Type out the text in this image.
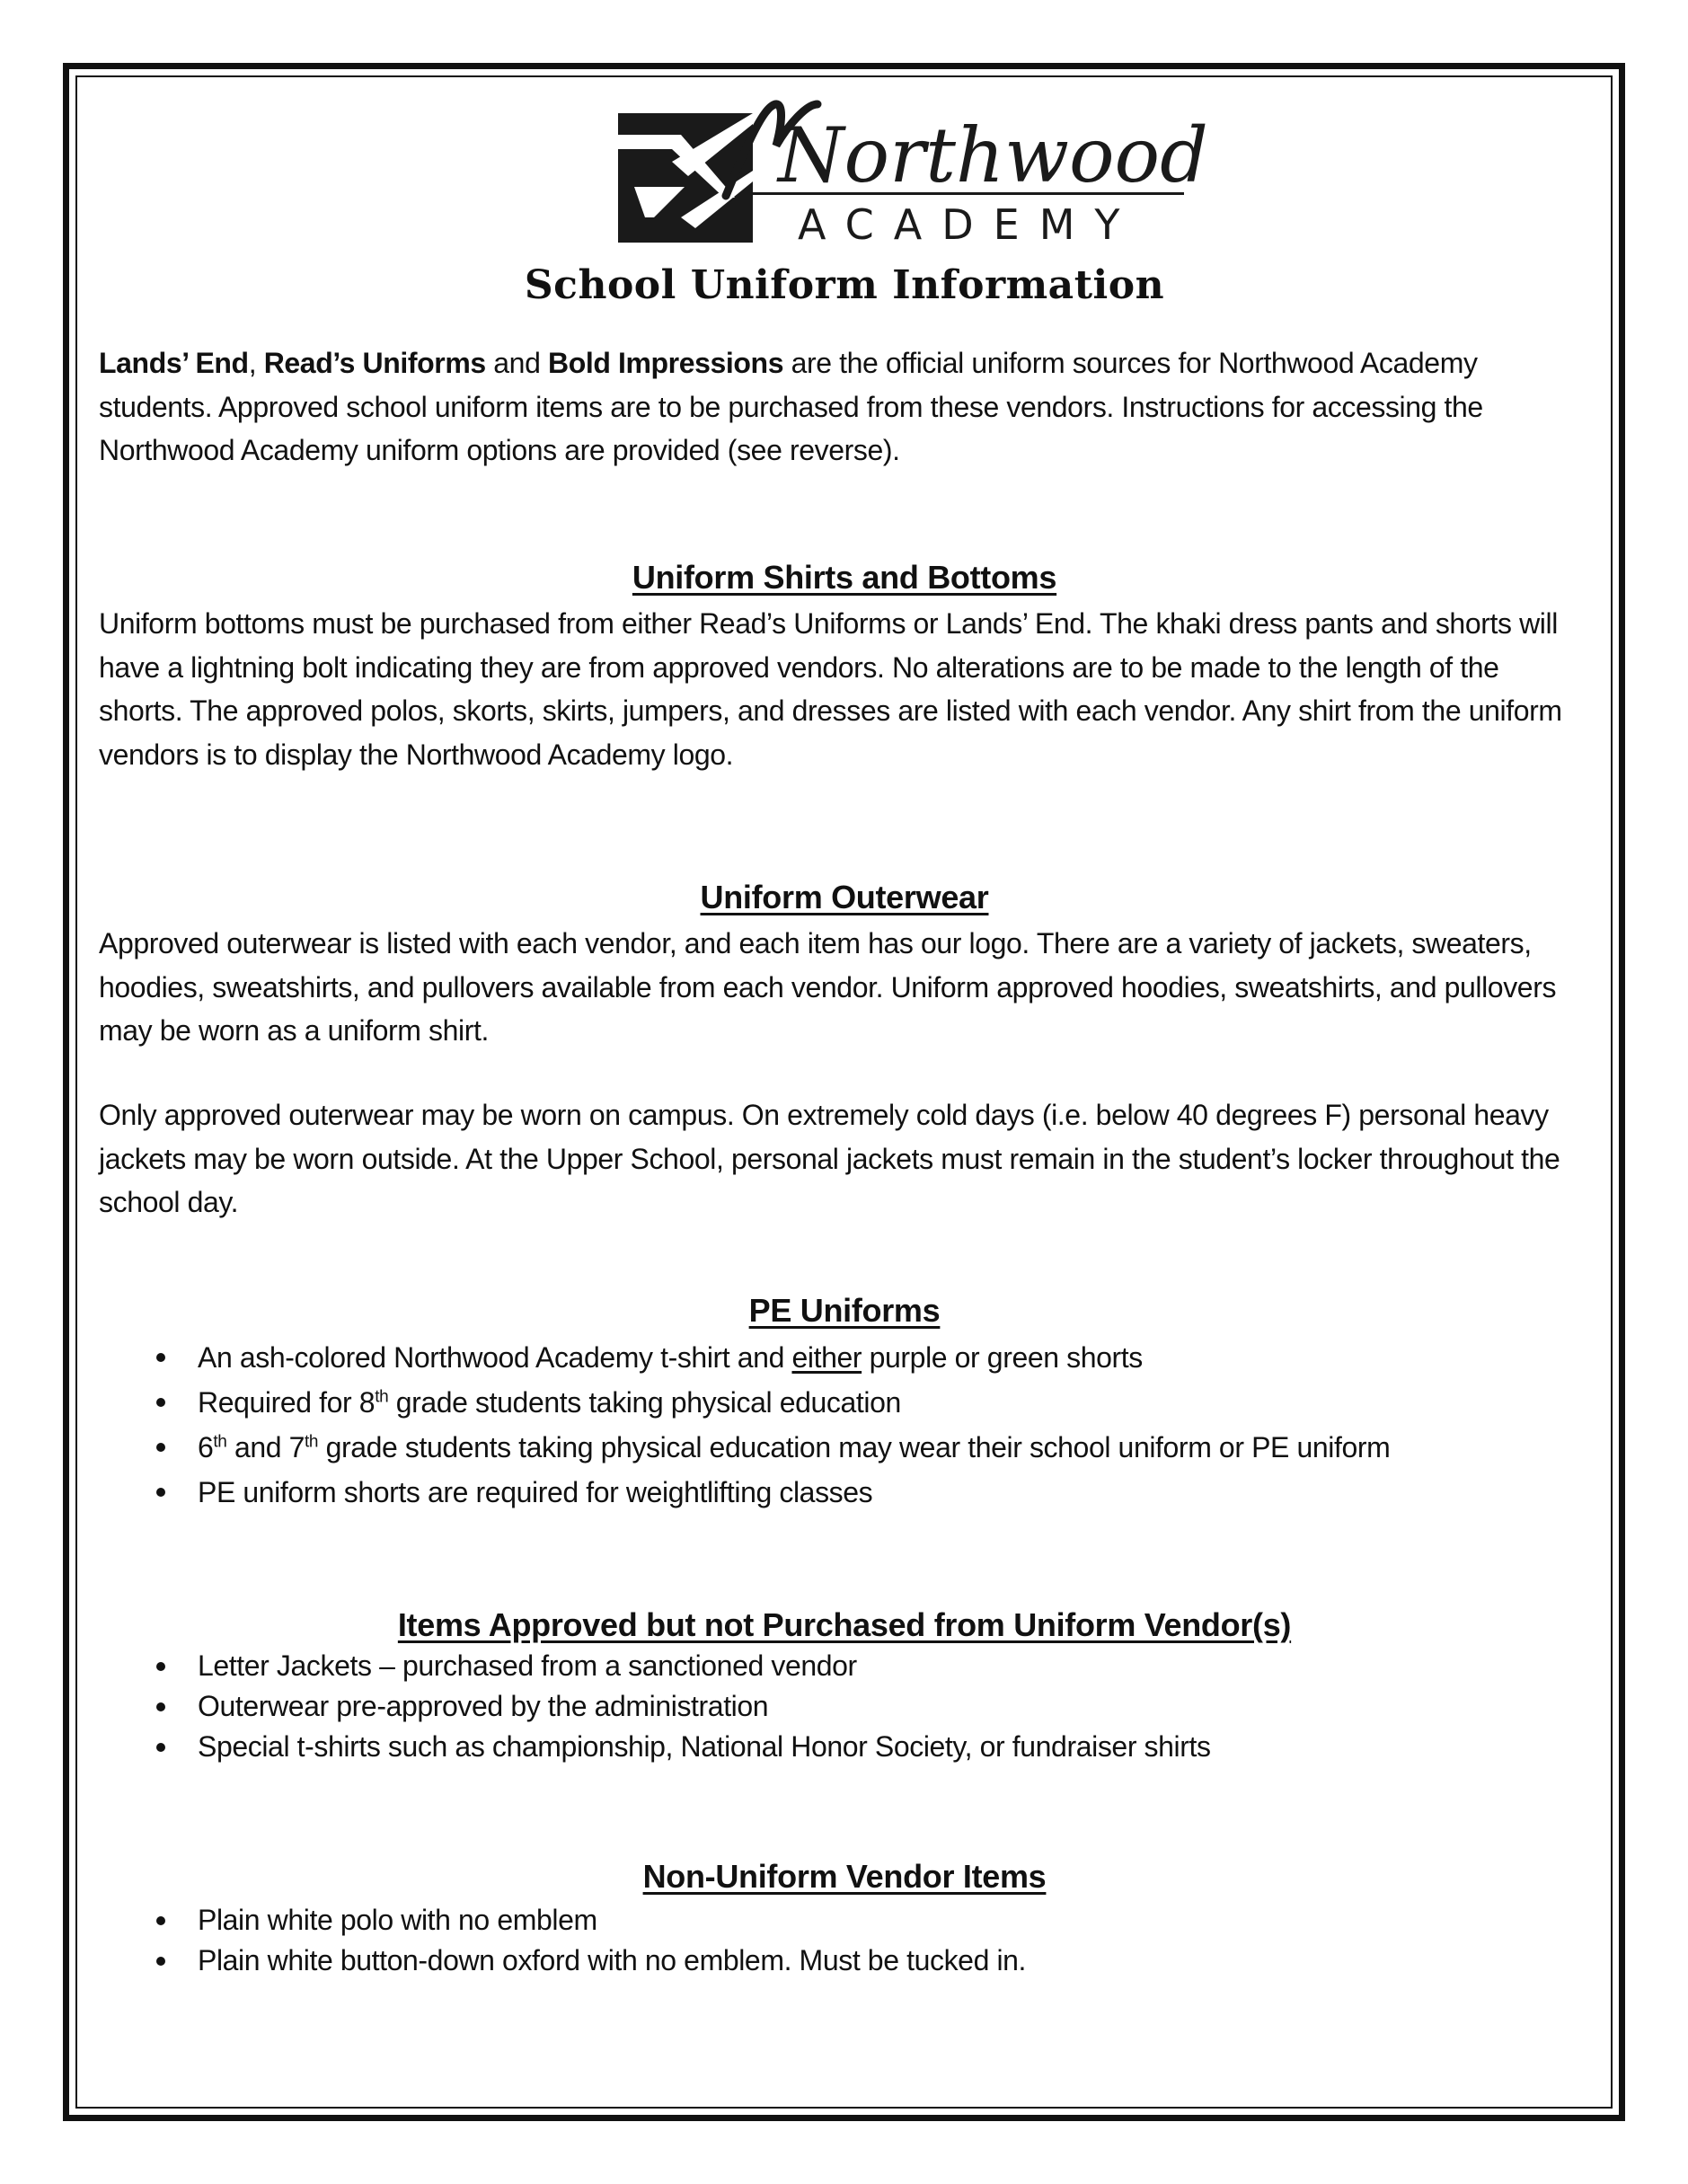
Northwood
ACADEMY
School Uniform Information
Lands’ End, Read’s Uniforms and Bold Impressions are the official uniform sources for Northwood Academy students. Approved school uniform items are to be purchased from these vendors. Instructions for accessing the Northwood Academy uniform options are provided (see reverse).
Uniform Shirts and Bottoms
Uniform bottoms must be purchased from either Read’s Uniforms or Lands’ End. The khaki dress pants and shorts will have a lightning bolt indicating they are from approved vendors. No alterations are to be made to the length of the shorts. The approved polos, skorts, skirts, jumpers, and dresses are listed with each vendor. Any shirt from the uniform vendors is to display the Northwood Academy logo.
Uniform Outerwear
Approved outerwear is listed with each vendor, and each item has our logo. There are a variety of jackets, sweaters, hoodies, sweatshirts, and pullovers available from each vendor. Uniform approved hoodies, sweatshirts, and pullovers may be worn as a uniform shirt.
Only approved outerwear may be worn on campus. On extremely cold days (i.e. below 40 degrees F) personal heavy jackets may be worn outside. At the Upper School, personal jackets must remain in the student’s locker throughout the school day.
PE Uniforms
An ash-colored Northwood Academy t-shirt and either purple or green shorts
Required for 8th grade students taking physical education
6th and 7th grade students taking physical education may wear their school uniform or PE uniform
PE uniform shorts are required for weightlifting classes
Items Approved but not Purchased from Uniform Vendor(s)
Letter Jackets – purchased from a sanctioned vendor
Outerwear pre-approved by the administration
Special t-shirts such as championship, National Honor Society, or fundraiser shirts
Non-Uniform Vendor Items
Plain white polo with no emblem
Plain white button-down oxford with no emblem. Must be tucked in.
